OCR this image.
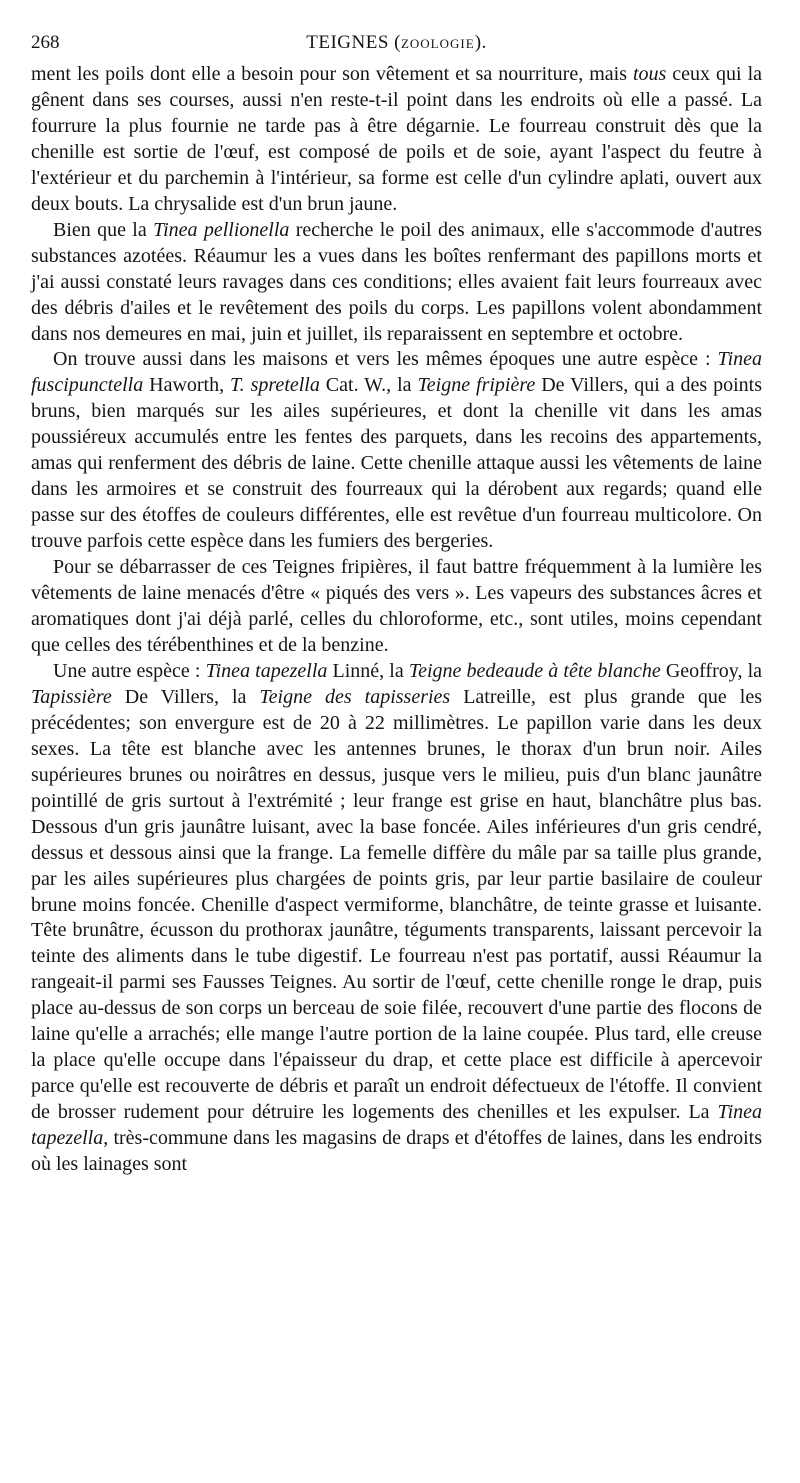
268	TEIGNES (ZOOLOGIE).

ment les poils dont elle a besoin pour son vêtement et sa nourriture, mais tous ceux qui la gênent dans ses courses, aussi n'en reste-t-il point dans les endroits où elle a passé. La fourrure la plus fournie ne tarde pas à être dégarnie. Le fourreau construit dès que la chenille est sortie de l'œuf, est composé de poils et de soie, ayant l'aspect du feutre à l'extérieur et du parchemin à l'intérieur, sa forme est celle d'un cylindre aplati, ouvert aux deux bouts. La chrysalide est d'un brun jaune.

Bien que la Tinea pellionella recherche le poil des animaux, elle s'accommode d'autres substances azotées. Réaumur les a vues dans les boîtes renfermant des papillons morts et j'ai aussi constaté leurs ravages dans ces conditions; elles avaient fait leurs fourreaux avec des débris d'ailes et le revêtement des poils du corps. Les papillons volent abondamment dans nos demeures en mai, juin et juillet, ils reparaissent en septembre et octobre.

On trouve aussi dans les maisons et vers les mêmes époques une autre espèce : Tinea fuscipunctella Haworth, T. spretella Cat. W., la Teigne fripière De Villers, qui a des points bruns, bien marqués sur les ailes supérieures, et dont la chenille vit dans les amas poussiéreux accumulés entre les fentes des parquets, dans les recoins des appartements, amas qui renferment des débris de laine. Cette chenille attaque aussi les vêtements de laine dans les armoires et se construit des fourreaux qui la dérobent aux regards; quand elle passe sur des étoffes de couleurs différentes, elle est revêtue d'un fourreau multicolore. On trouve parfois cette espèce dans les fumiers des bergeries.

Pour se débarrasser de ces Teignes fripières, il faut battre fréquemment à la lumière les vêtements de laine menacés d'être « piqués des vers ». Les vapeurs des substances âcres et aromatiques dont j'ai déjà parlé, celles du chloroforme, etc., sont utiles, moins cependant que celles des térébenthines et de la benzine.

Une autre espèce : Tinea tapezella Linné, la Teigne bedeaude à tête blanche Geoffroy, la Tapissière De Villers, la Teigne des tapisseries Latreille, est plus grande que les précédentes; son envergure est de 20 à 22 millimètres. Le papillon varie dans les deux sexes. La tête est blanche avec les antennes brunes, le thorax d'un brun noir. Ailes supérieures brunes ou noirâtres en dessus, jusque vers le milieu, puis d'un blanc jaunâtre pointillé de gris surtout à l'extrémité ; leur frange est grise en haut, blanchâtre plus bas. Dessous d'un gris jaunâtre luisant, avec la base foncée. Ailes inférieures d'un gris cendré, dessus et dessous ainsi que la frange. La femelle diffère du mâle par sa taille plus grande, par les ailes supérieures plus chargées de points gris, par leur partie basilaire de couleur brune moins foncée. Chenille d'aspect vermiforme, blanchâtre, de teinte grasse et luisante. Tête brunâtre, écusson du prothorax jaunâtre, téguments transparents, laissant percevoir la teinte des aliments dans le tube digestif. Le fourreau n'est pas portatif, aussi Réaumur la rangeait-il parmi ses Fausses Teignes. Au sortir de l'œuf, cette chenille ronge le drap, puis place au-dessus de son corps un berceau de soie filée, recouvert d'une partie des flocons de laine qu'elle a arrachés; elle mange l'autre portion de la laine coupée. Plus tard, elle creuse la place qu'elle occupe dans l'épaisseur du drap, et cette place est difficile à apercevoir parce qu'elle est recouverte de débris et paraît un endroit défectueux de l'étoffe. Il convient de brosser rudement pour détruire les logements des chenilles et les expulser. La Tinea tapezella, très-commune dans les magasins de draps et d'étoffes de laines, dans les endroits où les lainages sont
